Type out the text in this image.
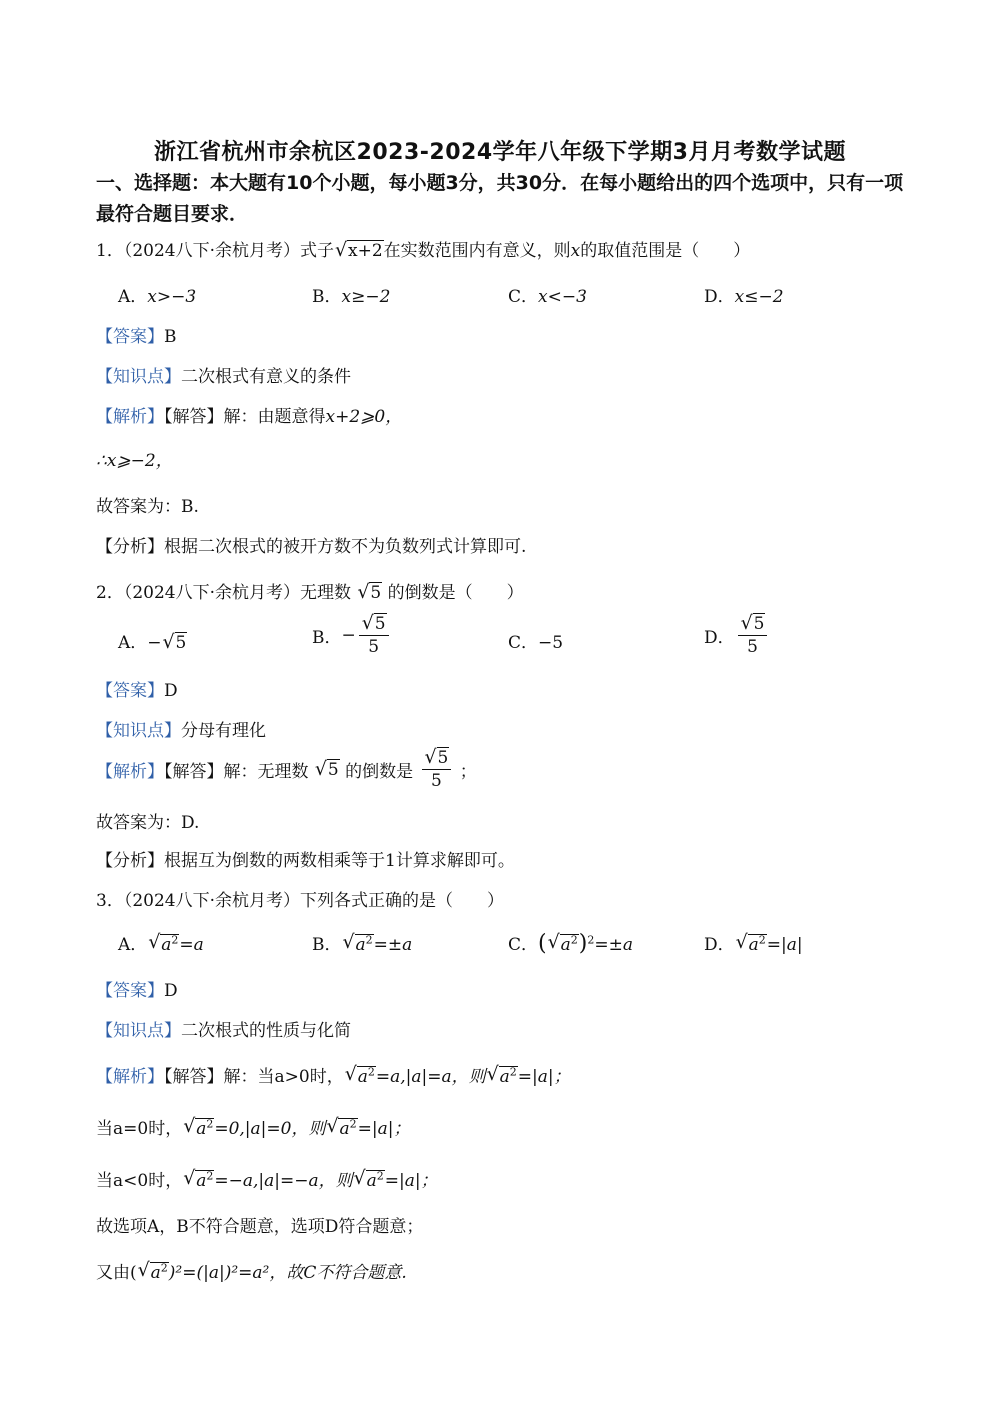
浙江省杭州市余杭区2023-2024学年八年级下学期3月月考数学试题
一、选择题：本大题有10个小题，每小题3分，共30分．在每小题给出的四个选项中，只有一项最符合题目要求．
1．（2024八下·余杭月考）式子 √ x+2在实数范围内有意义，则x的取值范围是（　　）
A．x>−3	B．x≥−2	C．x<−3	D．x≤−2
【答案】B
【知识点】二次根式有意义的条件
【解析】【解答】解：由题意得x+2⩾0，
∴x⩾−2，
故答案为：B.
【分析】根据二次根式的被开方数不为负数列式计算即可.
2．（2024八下·余杭月考）无理数 √ 5 的倒数是（　　）
A．− √ 5	B．− √ $\frac{5}{5}$	C．−5	D． √ $\frac{5}{5}$
【答案】D
【知识点】分母有理化
【解析】【解答】解：无理数 √ 5 的倒数是 √ $\frac{5}{5}$ ；
故答案为：D.
【分析】根据互为倒数的两数相乘等于1计算求解即可。
3．（2024八下·余杭月考）下列各式正确的是（　　）
A． √ $a^2=a$	B． √ $a^2=\pm a$	C．( √ $a^2)^2=\pm a$	D． √ $a^2=|a|$
【答案】D
【知识点】二次根式的性质与化简
【解析】【解答】解：当a>0时， √ $a^2=a,|a|=a$，则 √ $a^2=|a|$；
当a=0时， √ $a^2=0,|a|=0$，则 √ $a^2=|a|$；
当a<0时， √ $a^2=-a,|a|=-a$，则 √ $a^2=|a|$；
故选项A，B不符合题意，选项D符合题意；
又由( √ $a^2)^2=(|a|)^2=a^2$，故C不符合题意.
